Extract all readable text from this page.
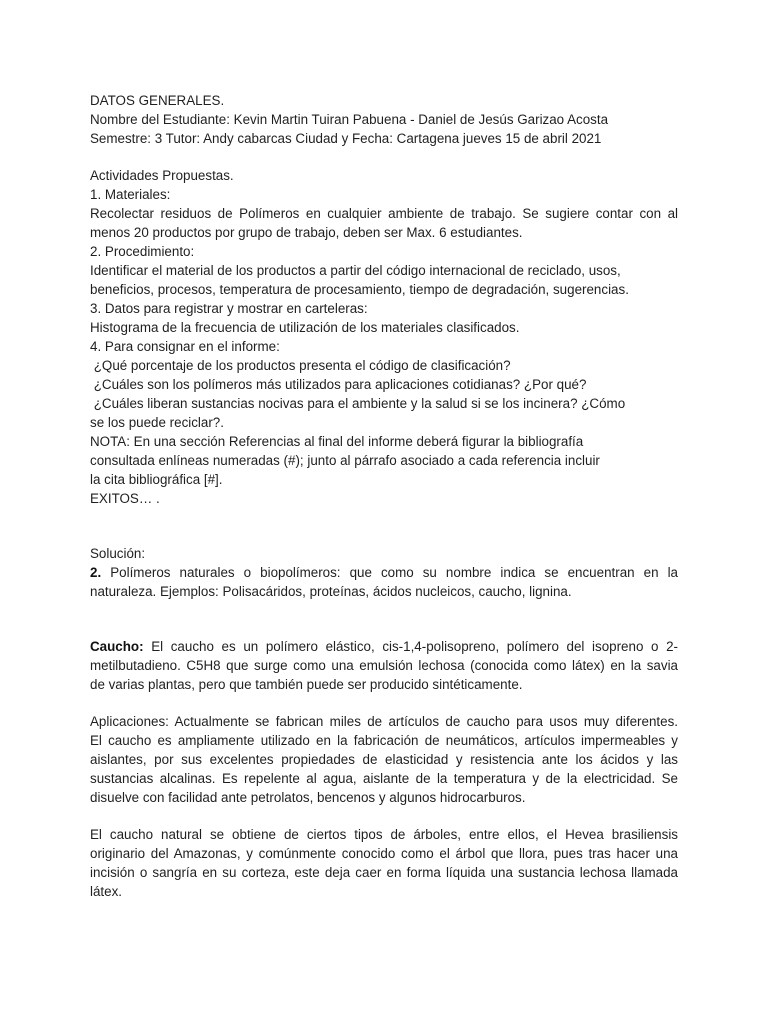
DATOS GENERALES.
Nombre del Estudiante: Kevin Martin Tuiran Pabuena - Daniel de Jesús Garizao Acosta
Semestre: 3 Tutor: Andy cabarcas Ciudad y Fecha: Cartagena jueves 15 de abril 2021
Actividades Propuestas.
1. Materiales:
Recolectar residuos de Polímeros en cualquier ambiente de trabajo. Se sugiere contar con al
menos 20 productos por grupo de trabajo, deben ser Max. 6 estudiantes.
2. Procedimiento:
Identificar el material de los productos a partir del código internacional de reciclado, usos,
beneficios, procesos, temperatura de procesamiento, tiempo de degradación, sugerencias.
3. Datos para registrar y mostrar en carteleras:
Histograma de la frecuencia de utilización de los materiales clasificados.
4. Para consignar en el informe:
¿Qué porcentaje de los productos presenta el código de clasificación?
¿Cuáles son los polímeros más utilizados para aplicaciones cotidianas? ¿Por qué?
¿Cuáles liberan sustancias nocivas para el ambiente y la salud si se los incinera? ¿Cómo
se los puede reciclar?.
NOTA: En una sección Referencias al final del informe deberá figurar la bibliografía
consultada enlíneas numeradas (#); junto al párrafo asociado a cada referencia incluir
la cita bibliográfica [#].
EXITOS… .
Solución:
2. Polímeros naturales o biopolímeros: que como su nombre indica se encuentran en la
naturaleza. Ejemplos: Polisacáridos, proteínas, ácidos nucleicos, caucho, lignina.
Caucho: El caucho es un polímero elástico, cis-1,4-polisopreno, polímero del isopreno o 2-
metilbutadieno. C5H8 que surge como una emulsión lechosa (conocida como látex) en la savia
de varias plantas, pero que también puede ser producido sintéticamente.
Aplicaciones: Actualmente se fabrican miles de artículos de caucho para usos muy diferentes.
El caucho es ampliamente utilizado en la fabricación de neumáticos, artículos impermeables y
aislantes, por sus excelentes propiedades de elasticidad y resistencia ante los ácidos y las
sustancias alcalinas. Es repelente al agua, aislante de la temperatura y de la electricidad. Se
disuelve con facilidad ante petrolatos, bencenos y algunos hidrocarburos.
El caucho natural se obtiene de ciertos tipos de árboles, entre ellos, el Hevea brasiliensis
originario del Amazonas, y comúnmente conocido como el árbol que llora, pues tras hacer una
incisión o sangría en su corteza, este deja caer en forma líquida una sustancia lechosa llamada
látex.
